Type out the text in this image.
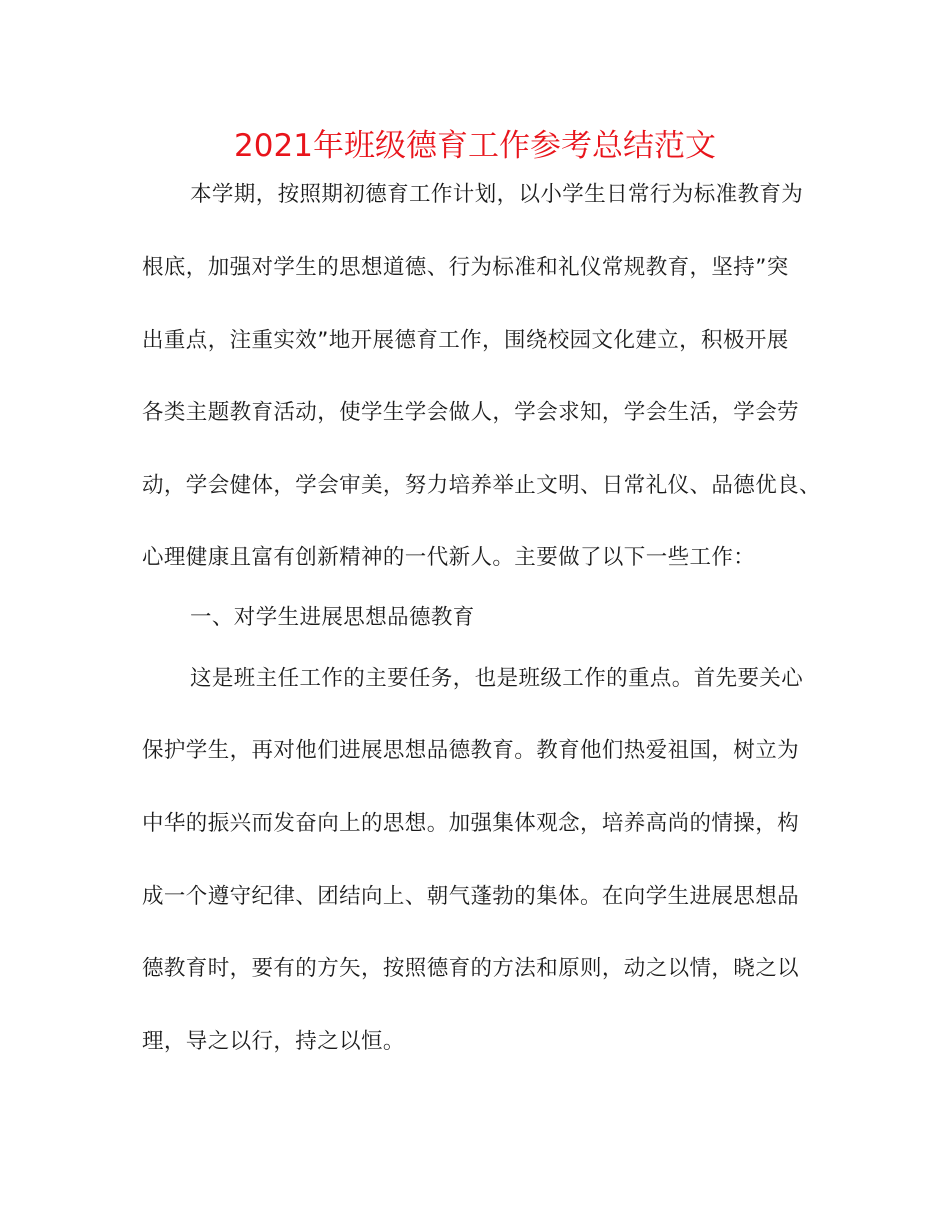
2021年班级德育工作参考总结范文
本学期，按照期初德育工作计划，以小学生日常行为标准教育为
根底，加强对学生的思想道德、行为标准和礼仪常规教育，坚持”突
出重点，注重实效”地开展德育工作，围绕校园文化建立，积极开展
各类主题教育活动，使学生学会做人，学会求知，学会生活，学会劳
动，学会健体，学会审美，努力培养举止文明、日常礼仪、品德优良、
心理健康且富有创新精神的一代新人。主要做了以下一些工作：
一、对学生进展思想品德教育
这是班主任工作的主要任务，也是班级工作的重点。首先要关心
保护学生，再对他们进展思想品德教育。教育他们热爱祖国，树立为
中华的振兴而发奋向上的思想。加强集体观念，培养高尚的情操，构
成一个遵守纪律、团结向上、朝气蓬勃的集体。在向学生进展思想品
德教育时，要有的方矢，按照德育的方法和原则，动之以情，晓之以
理，导之以行，持之以恒。
